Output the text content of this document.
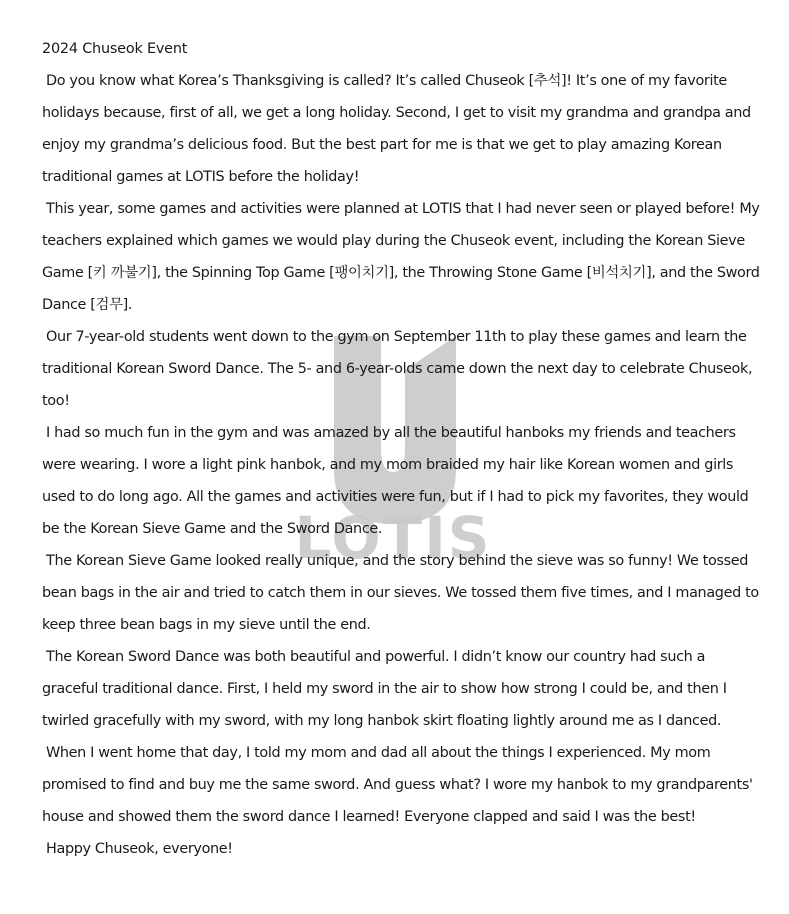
LOTIS

2024 Chuseok Event

Do you know what Korea’s Thanksgiving is called? It’s called Chuseok [추석]! It’s one of my favorite holidays because, first of all, we get a long holiday. Second, I get to visit my grandma and grandpa and enjoy my grandma’s delicious food. But the best part for me is that we get to play amazing Korean traditional games at LOTIS before the holiday!

This year, some games and activities were planned at LOTIS that I had never seen or played before! My teachers explained which games we would play during the Chuseok event, including the Korean Sieve Game [키 까불기], the Spinning Top Game [팽이치기], the Throwing Stone Game [비석치기], and the Sword Dance [검무].

Our 7-year-old students went down to the gym on September 11th to play these games and learn the traditional Korean Sword Dance. The 5- and 6-year-olds came down the next day to celebrate Chuseok, too!

I had so much fun in the gym and was amazed by all the beautiful hanboks my friends and teachers were wearing. I wore a light pink hanbok, and my mom braided my hair like Korean women and girls used to do long ago. All the games and activities were fun, but if I had to pick my favorites, they would be the Korean Sieve Game and the Sword Dance.

The Korean Sieve Game looked really unique, and the story behind the sieve was so funny! We tossed bean bags in the air and tried to catch them in our sieves. We tossed them five times, and I managed to keep three bean bags in my sieve until the end.

The Korean Sword Dance was both beautiful and powerful. I didn’t know our country had such a graceful traditional dance. First, I held my sword in the air to show how strong I could be, and then I twirled gracefully with my sword, with my long hanbok skirt floating lightly around me as I danced.

When I went home that day, I told my mom and dad all about the things I experienced. My mom promised to find and buy me the same sword. And guess what? I wore my hanbok to my grandparents' house and showed them the sword dance I learned! Everyone clapped and said I was the best!

Happy Chuseok, everyone!
